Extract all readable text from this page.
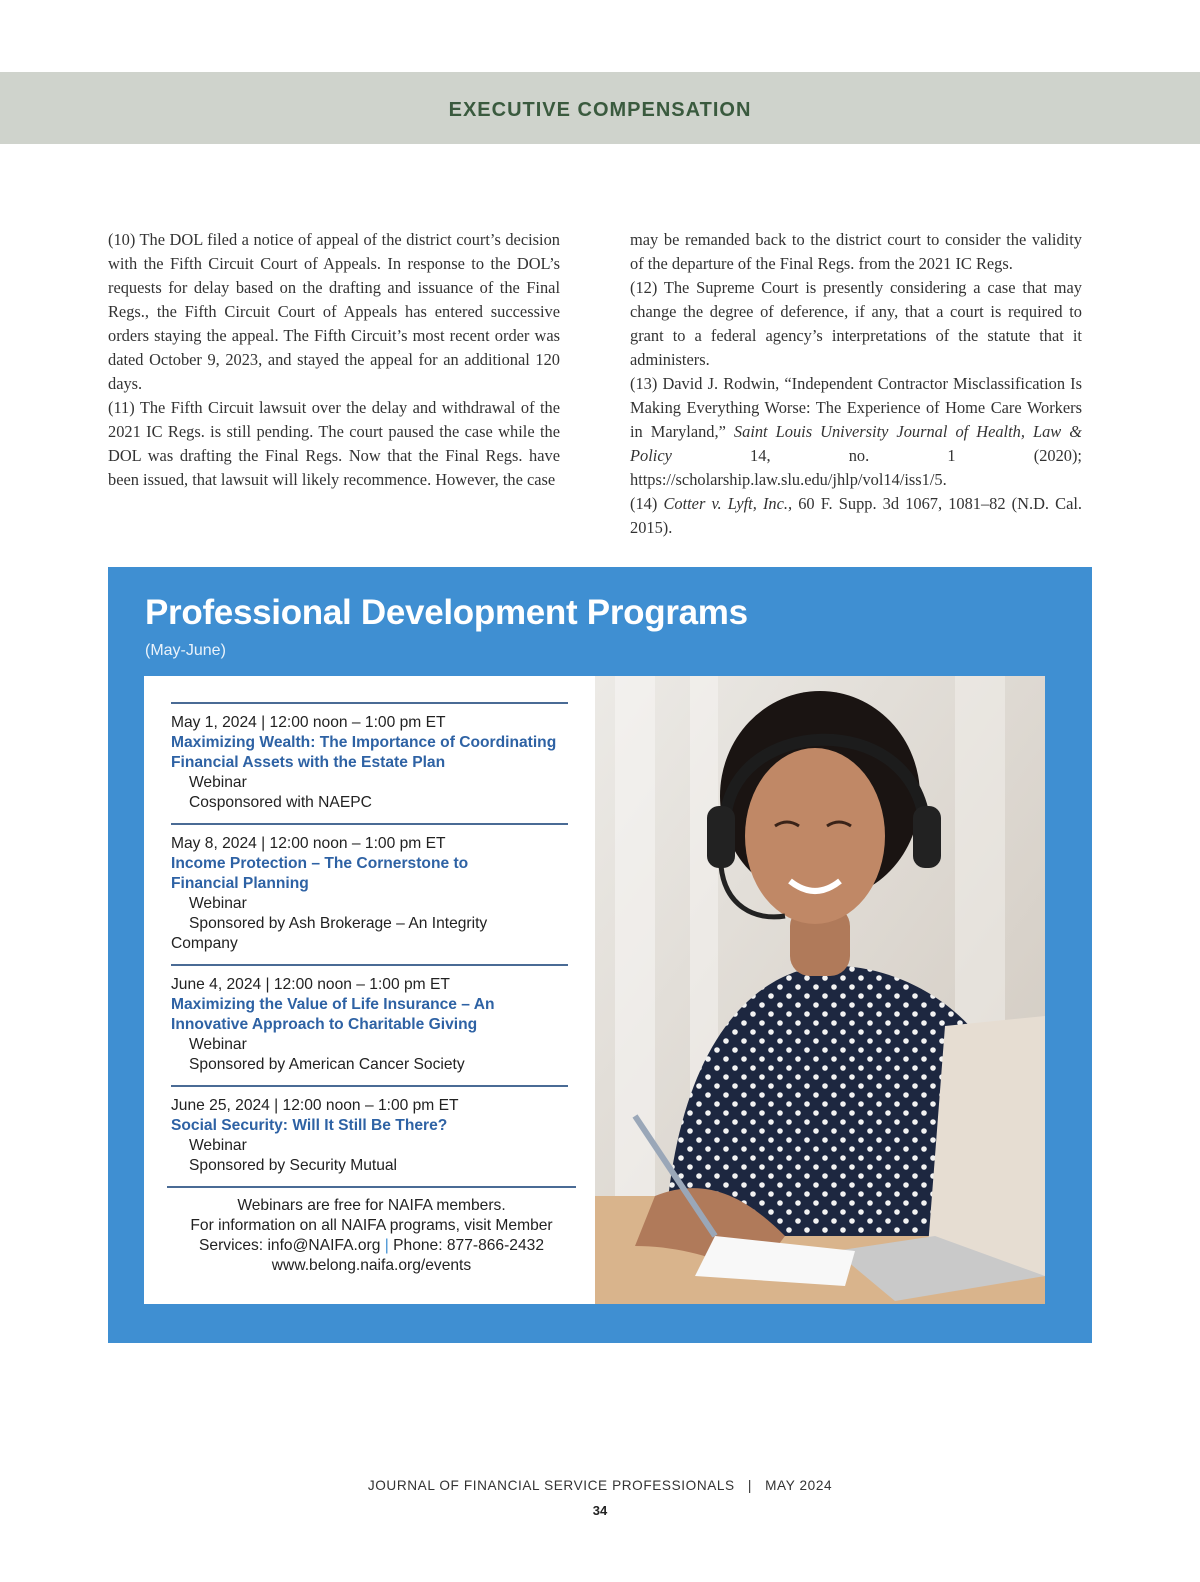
EXECUTIVE COMPENSATION

(10) The DOL filed a notice of appeal of the district court’s decision with the Fifth Circuit Court of Appeals. In response to the DOL’s requests for delay based on the drafting and issuance of the Final Regs., the Fifth Circuit Court of Appeals has entered successive orders staying the appeal. The Fifth Circuit’s most recent order was dated October 9, 2023, and stayed the appeal for an additional 120 days.

(11) The Fifth Circuit lawsuit over the delay and withdrawal of the 2021 IC Regs. is still pending. The court paused the case while the DOL was drafting the Final Regs. Now that the Final Regs. have been issued, that lawsuit will likely recommence. However, the case

may be remanded back to the district court to consider the validity of the departure of the Final Regs. from the 2021 IC Regs.

(12) The Supreme Court is presently considering a case that may change the degree of deference, if any, that a court is required to grant to a federal agency’s interpretations of the statute that it administers.

(13) David J. Rodwin, “Independent Contractor Misclassification Is Making Everything Worse: The Experience of Home Care Workers in Maryland,” Saint Louis University Journal of Health, Law & Policy 14, no. 1 (2020); https://scholarship.law.slu.edu/jhlp/vol14/iss1/5.

(14) Cotter v. Lyft, Inc., 60 F. Supp. 3d 1067, 1081–82 (N.D. Cal. 2015).

Professional Development Programs
(May-June)
May 1, 2024 | 12:00 noon – 1:00 pm ET
Maximizing Wealth: The Importance of Coordinating Financial Assets with the Estate Plan
Webinar
Cosponsored with NAEPC
May 8, 2024 | 12:00 noon – 1:00 pm ET
Income Protection – The Cornerstone to Financial Planning
Webinar
Sponsored by Ash Brokerage – An Integrity Company
June 4, 2024 | 12:00 noon – 1:00 pm ET
Maximizing the Value of Life Insurance – An Innovative Approach to Charitable Giving
Webinar
Sponsored by American Cancer Society
June 25, 2024 | 12:00 noon – 1:00 pm ET
Social Security: Will It Still Be There?
Webinar
Sponsored by Security Mutual
Webinars are free for NAIFA members.
For information on all NAIFA programs, visit Member Services: info@NAIFA.org | Phone: 877-866-2432
www.belong.naifa.org/events
JOURNAL OF FINANCIAL SERVICE PROFESSIONALS   |   MAY 2024
34
